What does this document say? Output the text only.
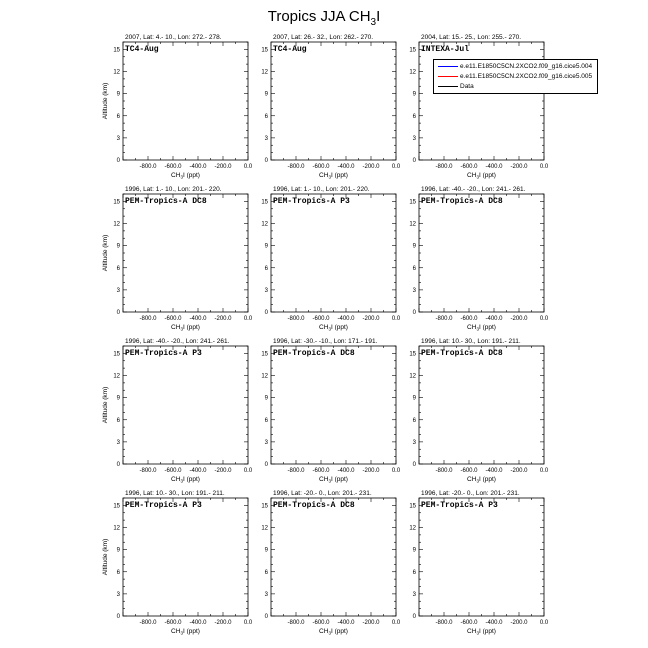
Tropics JJA $CH_3I$
2007, Lat: 4.- 10., Lon: 272.- 278.
TC4-Aug
0
3
6
9
12
15
-800.0 -600.0 -400.0 -200.0 0.0
$CH_3I$ (ppt)
Altitude (km)
2007, Lat: 26.- 32., Lon: 262.- 270.
TC4-Aug
0
3
6
9
12
15
-800.0 -600.0 -400.0 -200.0 0.0
$CH_3I$ (ppt)
2004, Lat: 15.- 25., Lon: 255.- 270.
INTEXA-Jul
0
3
6
9
12
15
-800.0 -600.0 -400.0 -200.0 0.0
$CH_3I$ (ppt)
1996, Lat: 1.- 10., Lon: 201.- 220.
PEM-Tropics-A DC8
0
3
6
9
12
15
-800.0 -600.0 -400.0 -200.0 0.0
$CH_3I$ (ppt)
Altitude (km)
1996, Lat: 1.- 10., Lon: 201.- 220.
PEM-Tropics-A P3
0
3
6
9
12
15
-800.0 -600.0 -400.0 -200.0 0.0
$CH_3I$ (ppt)
1996, Lat: -40.- -20., Lon: 241.- 261.
PEM-Tropics-A DC8
0
3
6
9
12
15
-800.0 -600.0 -400.0 -200.0 0.0
$CH_3I$ (ppt)
1996, Lat: -40.- -20., Lon: 241.- 261.
PEM-Tropics-A P3
0
3
6
9
12
15
-800.0 -600.0 -400.0 -200.0 0.0
$CH_3I$ (ppt)
Altitude (km)
1996, Lat: -30.- -10., Lon: 171.- 191.
PEM-Tropics-A DC8
0
3
6
9
12
15
-800.0 -600.0 -400.0 -200.0 0.0
$CH_3I$ (ppt)
1996, Lat: 10.- 30., Lon: 191.- 211.
PEM-Tropics-A DC8
0
3
6
9
12
15
-800.0 -600.0 -400.0 -200.0 0.0
$CH_3I$ (ppt)
1996, Lat: 10.- 30., Lon: 191.- 211.
PEM-Tropics-A P3
0
3
6
9
12
15
-800.0 -600.0 -400.0 -200.0 0.0
$CH_3I$ (ppt)
Altitude (km)
1996, Lat: -20.- 0., Lon: 201.- 231.
PEM-Tropics-A DC8
0
3
6
9
12
15
-800.0 -600.0 -400.0 -200.0 0.0
$CH_3I$ (ppt)
1996, Lat: -20.- 0., Lon: 201.- 231.
PEM-Tropics-A P3
0
3
6
9
12
15
-800.0 -600.0 -400.0 -200.0 0.0
$CH_3I$ (ppt)
e.e11.E1850C5CN.2XCO2.f09_g16.cice5.004
e.e11.E1850C5CN.2XCO2.f09_g16.cice5.005
Data
